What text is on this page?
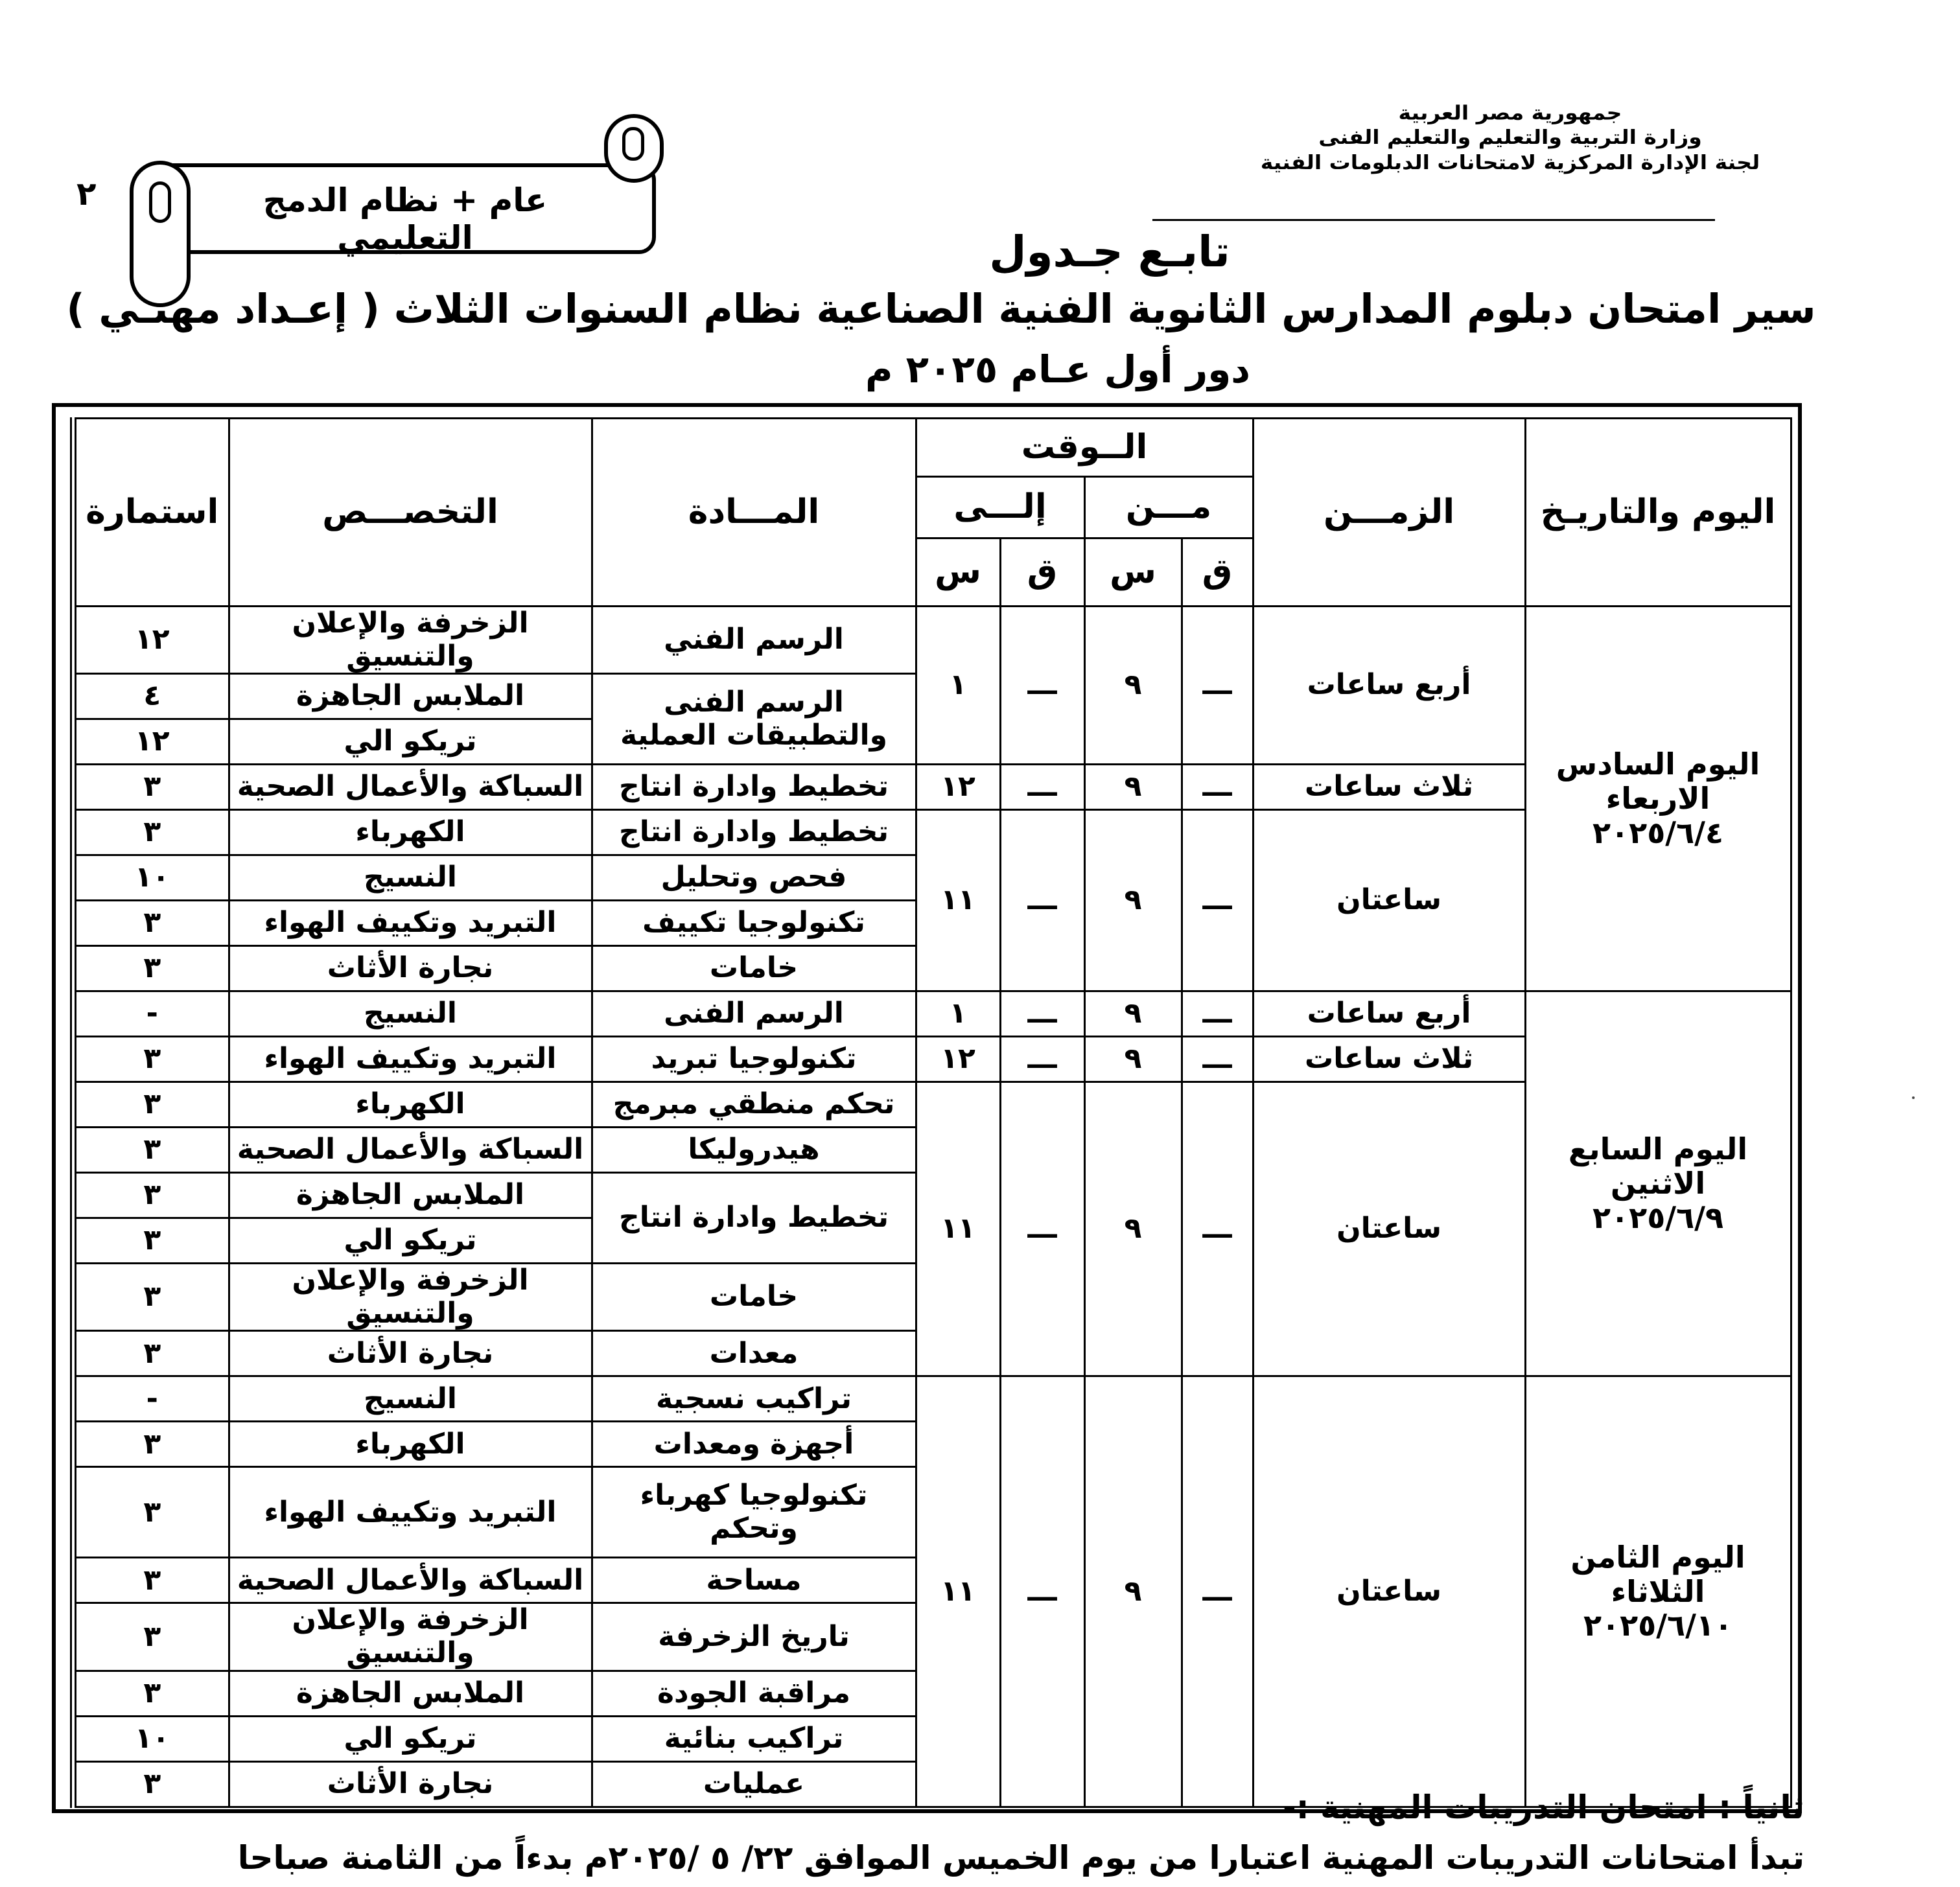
جمهورية مصر العربية
وزارة التربية والتعليم والتعليم الفنى
لجنة الإدارة المركزية لامتحانات الدبلومات الفنية
٢	عام + نظام الدمج التعليمي	تابـع جـدول
سير امتحان دبلوم المدارس الثانوية الفنية الصناعية نظام السنوات الثلاث ( إعـداد مهنـي )
دور أول عـام ٢٠٢٥ م
اليوم والتاريـخ	الزمـــن	الــوقت				المـــادة	التخصـــص	استمارة
		مـــن		إلـــى				
		ق	س	ق	س			

اليوم السادس
الاربعاء
٢٠٢٥/٦/٤	أربع ساعات	ـــ	٩	ـــ	١	الرسم الفني	الزخرفة والإعلان والتنسيق	١٢
						الرسم الفنى والتطبيقات العملية	الملابس الجاهزة	٤
							تريكو الي	١٢
	ثلاث ساعات	ـــ	٩	ـــ	١٢	تخطيط وادارة انتاج	السباكة والأعمال الصحية	٣
	ساعتان	ـــ	٩	ـــ	١١	تخطيط وادارة انتاج	الكهرباء	٣
						فحص وتحليل	النسيج	١٠
						تكنولوجيا تكييف	التبريد وتكييف الهواء	٣
						خامات	نجارة الأثاث	٣

اليوم السابع
الاثنين
٢٠٢٥/٦/٩	أربع ساعات	ـــ	٩	ـــ	١	الرسم الفنى	النسيج	-
	ثلاث ساعات	ـــ	٩	ـــ	١٢	تكنولوجيا تبريد	التبريد وتكييف الهواء	٣
	ساعتان	ـــ	٩	ـــ	١١	تحكم منطقي مبرمج	الكهرباء	٣
						هيدروليكا	السباكة والأعمال الصحية	٣
						تخطيط وادارة انتاج	الملابس الجاهزة	٣
							تريكو الي	٣
						خامات	الزخرفة والإعلان والتنسيق	٣
						معدات	نجارة الأثاث	٣

اليوم الثامن
الثلاثاء
٢٠٢٥/٦/١٠	ساعتان	ـــ	٩	ـــ	١١	تراكيب نسجية	النسيج	-
						أجهزة ومعدات	الكهرباء	٣
						تكنولوجيا كهرباء وتحكم	التبريد وتكييف الهواء	٣
						مساحة	السباكة والأعمال الصحية	٣
						تاريخ الزخرفة	الزخرفة والإعلان والتنسيق	٣
						مراقبة الجودة	الملابس الجاهزة	٣
						تراكيب بنائية	تريكو الي	١٠
						عمليات	نجارة الأثاث	٣
ثانياً : امتحان التدريبات المهنية :-
تبدأ امتحانات التدريبات المهنية اعتبارا من يوم الخميس الموافق ٢٢/ ٥ /٢٠٢٥م بدءاً من الثامنة صباحا
